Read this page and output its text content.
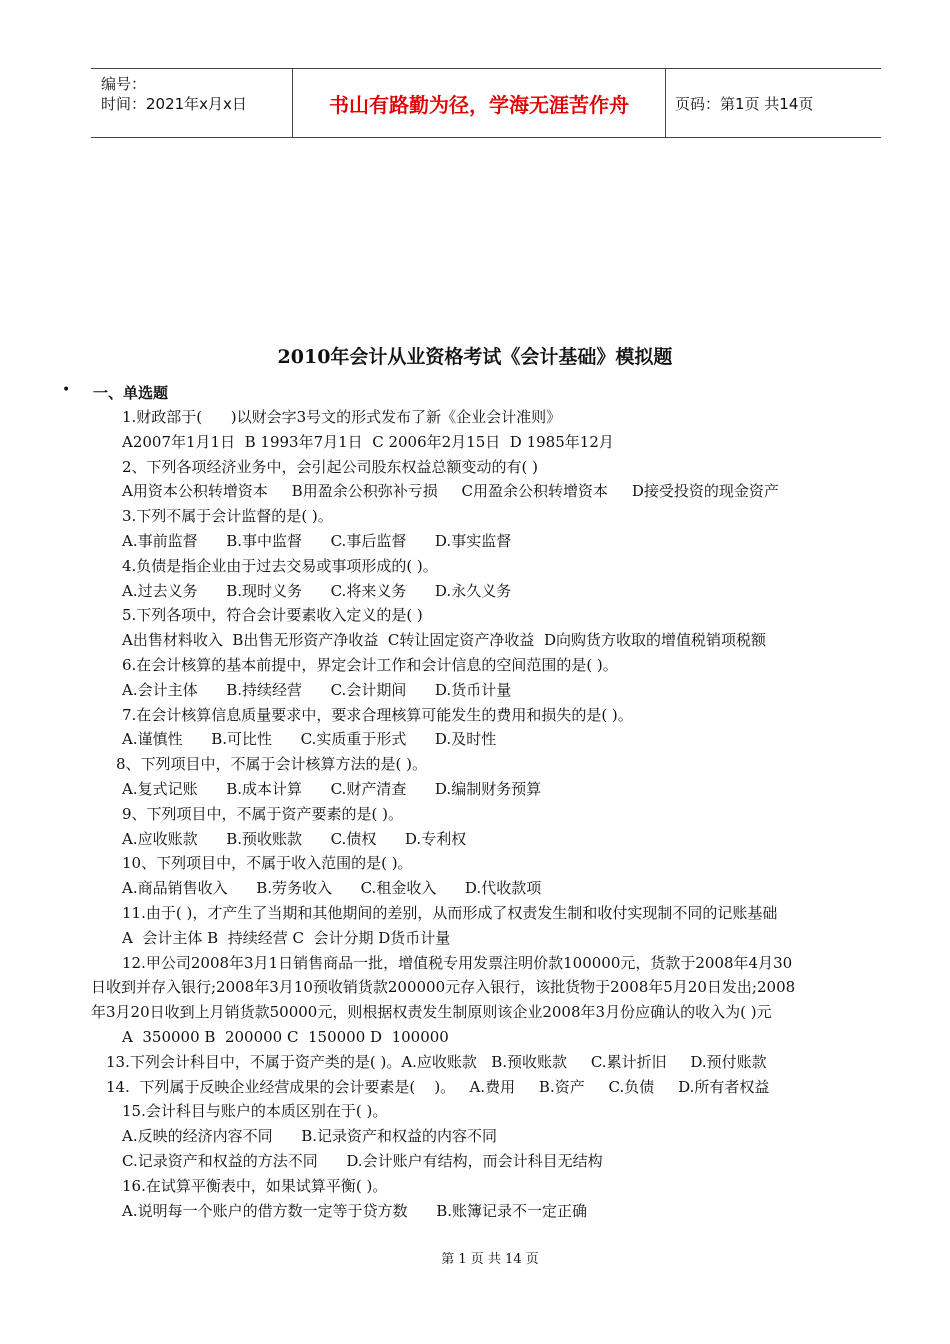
编号：
时间：2021年x月x日	书山有路勤为径，学海无涯苦作舟	页码：第1页 共14页
2010年会计从业资格考试《会计基础》模拟题
• 一、单选题
1.财政部于(      )以财会字3号文的形式发布了新《企业会计准则》
A2007年1月1日  B 1993年7月1日  C 2006年2月15日  D 1985年12月
2、下列各项经济业务中，会引起公司股东权益总额变动的有( )
A用资本公积转增资本     B用盈余公积弥补亏损     C用盈余公积转增资本     D接受投资的现金资产
3.下列不属于会计监督的是( )。
A.事前监督      B.事中监督      C.事后监督      D.事实监督
4.负债是指企业由于过去交易或事项形成的( )。
A.过去义务      B.现时义务      C.将来义务      D.永久义务
5.下列各项中，符合会计要素收入定义的是( )
A出售材料收入  B出售无形资产净收益  C转让固定资产净收益  D向购货方收取的增值税销项税额
6.在会计核算的基本前提中，界定会计工作和会计信息的空间范围的是( )。
A.会计主体      B.持续经营      C.会计期间      D.货币计量
7.在会计核算信息质量要求中，要求合理核算可能发生的费用和损失的是( )。
A.谨慎性      B.可比性      C.实质重于形式      D.及时性
8、下列项目中，不属于会计核算方法的是( )。
A.复式记账      B.成本计算      C.财产清查      D.编制财务预算
9、下列项目中，不属于资产要素的是( )。
A.应收账款      B.预收账款      C.债权      D.专利权
10、下列项目中，不属于收入范围的是( )。
A.商品销售收入      B.劳务收入      C.租金收入      D.代收款项
11.由于( )，才产生了当期和其他期间的差别，从而形成了权责发生制和收付实现制不同的记账基础
A  会计主体 B  持续经营 C  会计分期 D货币计量
12.甲公司2008年3月1日销售商品一批，增值税专用发票注明价款100000元，货款于2008年4月30
日收到并存入银行;2008年3月10预收销货款200000元存入银行，该批货物于2008年5月20日发出;2008
年3月20日收到上月销货款50000元，则根据权责发生制原则该企业2008年3月份应确认的收入为( )元
A  350000 B  200000 C  150000 D  100000
13.下列会计科目中，不属于资产类的是( )。A.应收账款   B.预收账款     C.累计折旧     D.预付账款
14.  下列属于反映企业经营成果的会计要素是(    )。   A.费用     B.资产     C.负债     D.所有者权益
15.会计科目与账户的本质区别在于( )。
A.反映的经济内容不同      B.记录资产和权益的内容不同
C.记录资产和权益的方法不同      D.会计账户有结构，而会计科目无结构
16.在试算平衡表中，如果试算平衡( )。
A.说明每一个账户的借方数一定等于贷方数      B.账簿记录不一定正确
第 1 页 共 14 页
